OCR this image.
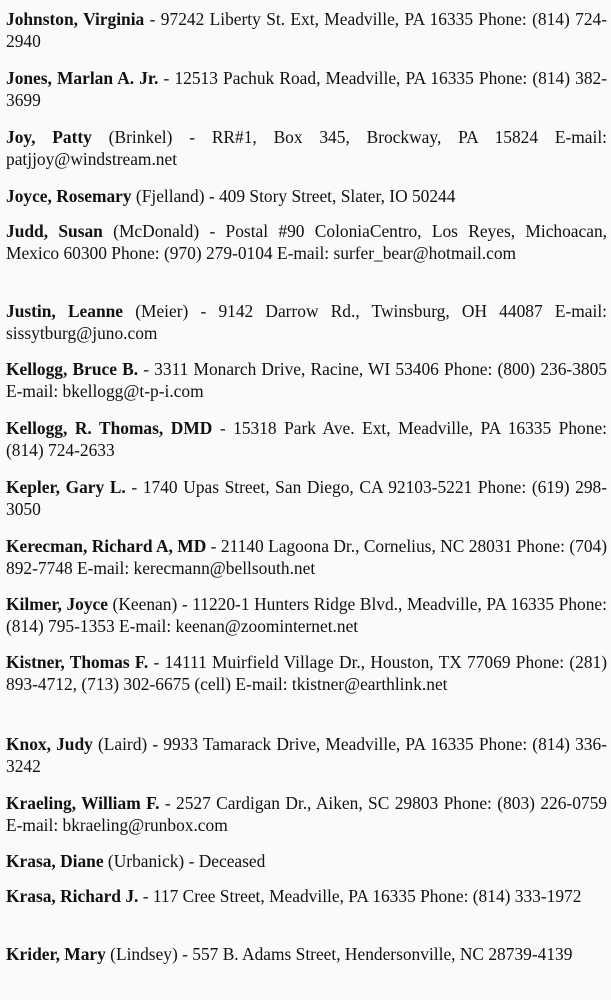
Johnston, Virginia - 97242 Liberty St. Ext, Meadville, PA 16335 Phone: (814) 724-2940
Jones, Marlan A. Jr. - 12513 Pachuk Road, Meadville, PA 16335 Phone: (814) 382-3699
Joy, Patty (Brinkel) - RR#1, Box 345, Brockway, PA 15824 E-mail: patjjoy@windstream.net
Joyce, Rosemary (Fjelland) - 409 Story Street, Slater, IO 50244
Judd, Susan (McDonald) - Postal #90 ColoniaCentro, Los Reyes, Michoacan, Mexico 60300 Phone: (970) 279-0104 E-mail: surfer_bear@hotmail.com
Justin, Leanne (Meier) - 9142 Darrow Rd., Twinsburg, OH 44087 E-mail: sissytburg@juno.com
Kellogg, Bruce B. - 3311 Monarch Drive, Racine, WI 53406 Phone: (800) 236-3805 E-mail: bkellogg@t-p-i.com
Kellogg, R. Thomas, DMD - 15318 Park Ave. Ext, Meadville, PA 16335 Phone: (814) 724-2633
Kepler, Gary L. - 1740 Upas Street, San Diego, CA 92103-5221 Phone: (619) 298-3050
Kerecman, Richard A, MD - 21140 Lagoona Dr., Cornelius, NC 28031 Phone: (704) 892-7748 E-mail: kerecmann@bellsouth.net
Kilmer, Joyce (Keenan) - 11220-1 Hunters Ridge Blvd., Meadville, PA 16335 Phone: (814) 795-1353 E-mail: keenan@zoominternet.net
Kistner, Thomas F. - 14111 Muirfield Village Dr., Houston, TX 77069 Phone: (281) 893-4712, (713) 302-6675 (cell) E-mail: tkistner@earthlink.net
Knox, Judy (Laird) - 9933 Tamarack Drive, Meadville, PA 16335 Phone: (814) 336-3242
Kraeling, William F. - 2527 Cardigan Dr., Aiken, SC 29803 Phone: (803) 226-0759 E-mail: bkraeling@runbox.com
Krasa, Diane (Urbanick) - Deceased
Krasa, Richard J. - 117 Cree Street, Meadville, PA 16335 Phone: (814) 333-1972
Krider, Mary (Lindsey) - 557 B. Adams Street, Hendersonville, NC 28739-4139
